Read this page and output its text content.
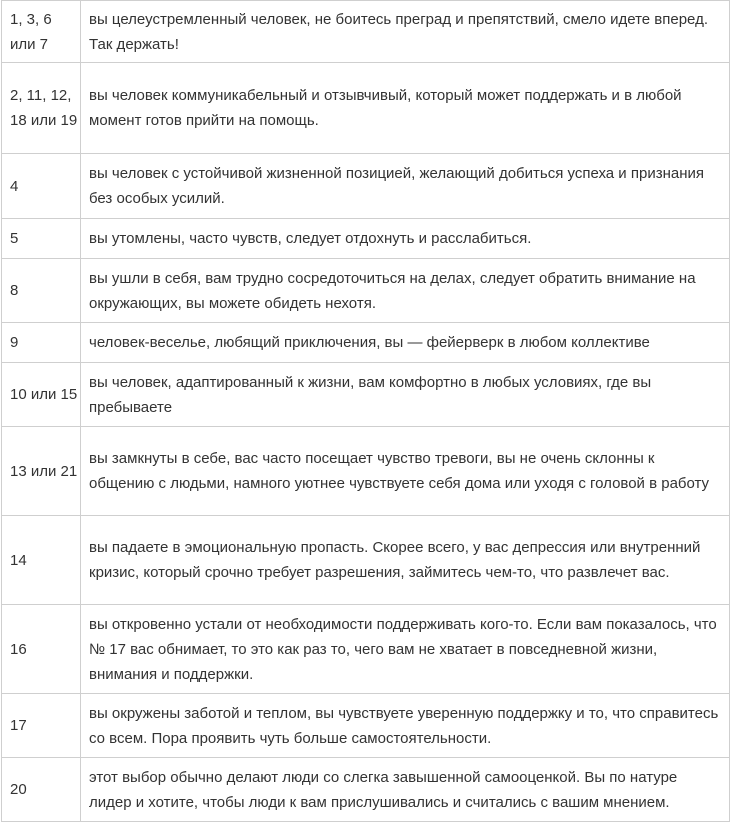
1, 3, 6 или 7	вы целеустремленный человек, не боитесь преград и препятствий, смело идете вперед. Так держать!
2, 11, 12, 18 или 19	вы человек коммуникабельный и отзывчивый, который может поддержать и в любой момент готов прийти на помощь.
4	вы человек с устойчивой жизненной позицией, желающий добиться успеха и признания без особых усилий.
5	вы утомлены, часто чувств, следует отдохнуть и расслабиться.
8	вы ушли в себя, вам трудно сосредоточиться на делах, следует обратить внимание на окружающих, вы можете обидеть нехотя.
9	человек-веселье, любящий приключения, вы — фейерверк в любом коллективе
10 или 15	вы человек, адаптированный к жизни, вам комфортно в любых условиях, где вы пребываете
13 или 21	вы замкнуты в себе, вас часто посещает чувство тревоги, вы не очень склонны к общению с людьми, намного уютнее чувствуете себя дома или уходя с головой в работу
14	вы падаете в эмоциональную пропасть. Скорее всего, у вас депрессия или внутренний кризис, который срочно требует разрешения, займитесь чем-то, что развлечет вас.
16	вы откровенно устали от необходимости поддерживать кого-то. Если вам показалось, что № 17 вас обнимает, то это как раз то, чего вам не хватает в повседневной жизни, внимания и поддержки.
17	вы окружены заботой и теплом, вы чувствуете уверенную поддержку и то, что справитесь со всем. Пора проявить чуть больше самостоятельности.
20	этот выбор обычно делают люди со слегка завышенной самооценкой. Вы по натуре лидер и хотите, чтобы люди к вам прислушивались и считались с вашим мнением.
